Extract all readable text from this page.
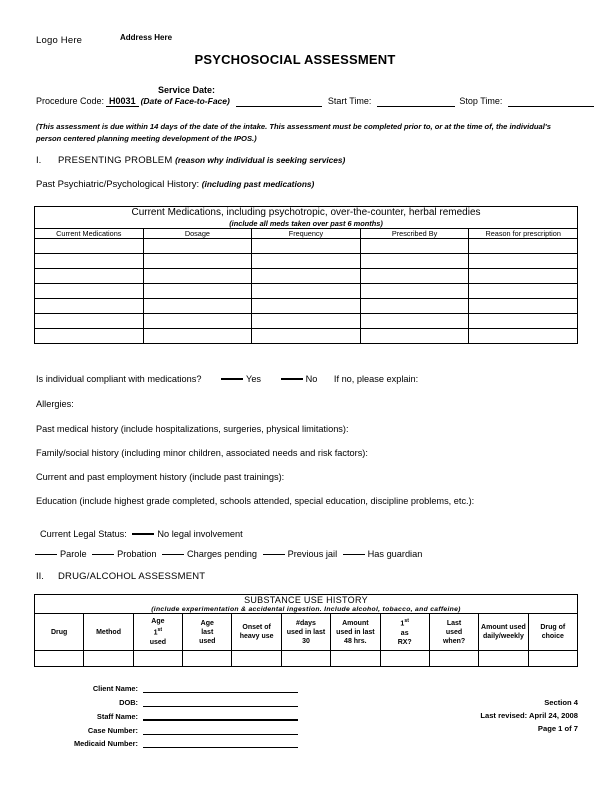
Logo Here	Address Here
PSYCHOSOCIAL ASSESSMENT
Service Date:
Procedure Code: H0031 (Date of Face-to-Face)	Start Time:	Stop Time:
(This assessment is due within 14 days of the date of the intake. This assessment must be completed prior to, or at the time of, the individual's person centered planning meeting development of the IPOS.)
I. PRESENTING PROBLEM (reason why individual is seeking services)
Past Psychiatric/Psychological History: (including past medications)
Current Medications, including psychotropic, over-the-counter, herbal remedies
(include all meds taken over past 6 months)				

Current Medications	Dosage	Frequency	Prescribed By	Reason for prescription

Is individual compliant with medications?	Yes	No If no, please explain:
Allergies:
Past medical history (include hospitalizations, surgeries, physical limitations):
Family/social history (including minor children, associated needs and risk factors):
Current and past employment history (include past trainings):
Education (include highest grade completed, schools attended, special education, discipline problems, etc.):
Current Legal Status:	No legal involvement
Parole	Probation	Charges pending	Previous jail	Has guardian
II. DRUG/ALCOHOL ASSESSMENT
SUBSTANCE USE HISTORY
(include experimentation & accidental ingestion. Include alcohol, tobacco, and caffeine)										

Drug	Method	Age
1st
used	Age
last
used	Onset of
heavy use	#days
used in last
30	Amount
used in last
48 hrs.	1st
as
RX?	Last
used
when?	Amount used
daily/weekly	Drug of
choice

Client Name:
DOB:
Staff Name:
Case Number:
Medicaid Number:
Section 4
Last revised: April 24, 2008
Page 1 of 7
